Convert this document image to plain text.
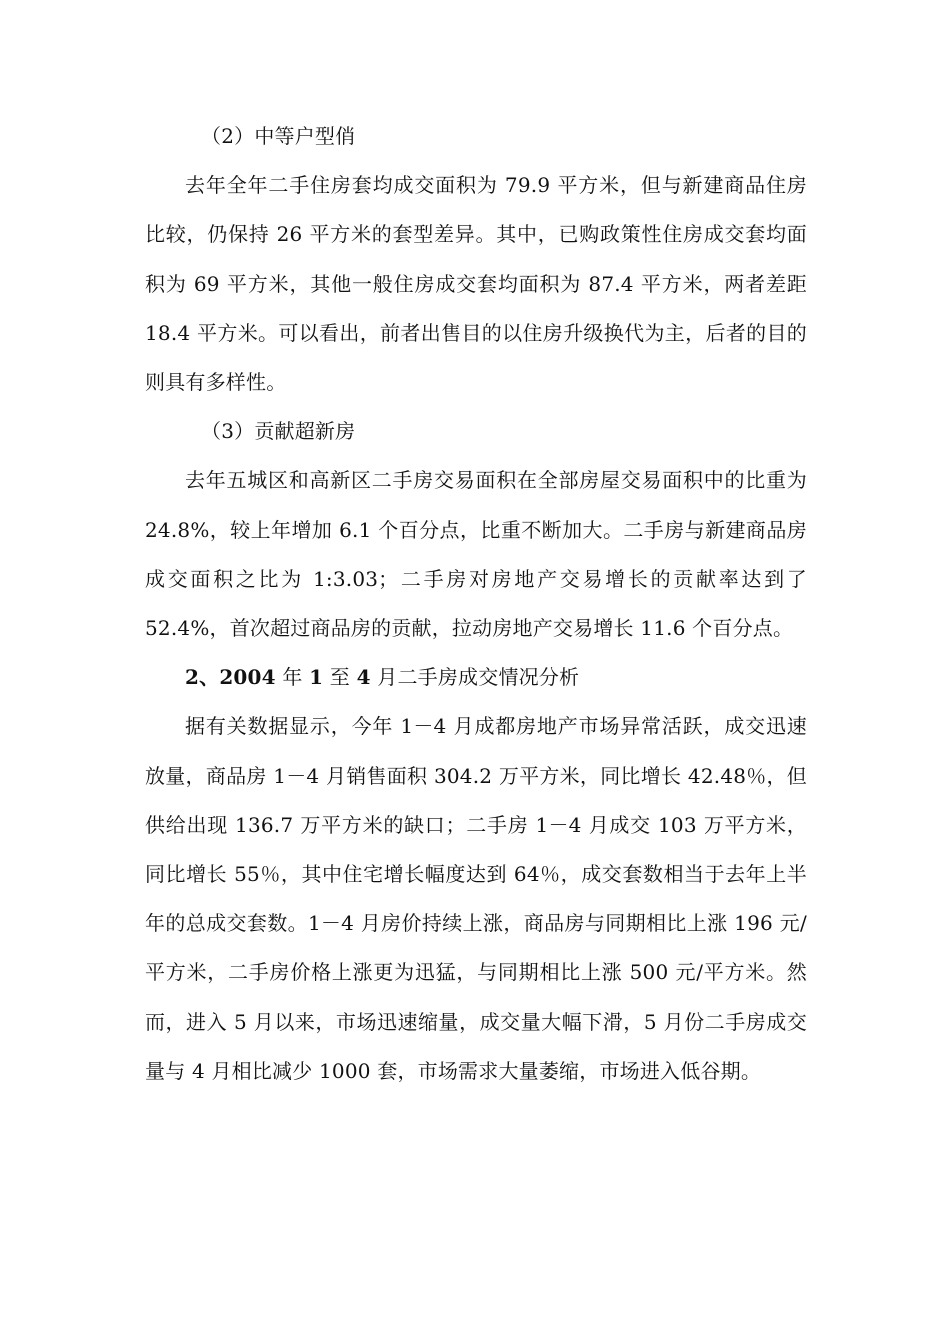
（2）中等户型俏

去年全年二手住房套均成交面积为 79.9 平方米，但与新建商品住房比较，仍保持 26 平方米的套型差异。其中，已购政策性住房成交套均面积为 69 平方米，其他一般住房成交套均面积为 87.4 平方米，两者差距 18.4 平方米。可以看出，前者出售目的以住房升级换代为主，后者的目的则具有多样性。

（3）贡献超新房

去年五城区和高新区二手房交易面积在全部房屋交易面积中的比重为 24.8%，较上年增加 6.1 个百分点，比重不断加大。二手房与新建商品房成交面积之比为 1:3.03；二手房对房地产交易增长的贡献率达到了 52.4%，首次超过商品房的贡献，拉动房地产交易增长 11.6 个百分点。

2、2004 年 1 至 4 月二手房成交情况分析

据有关数据显示，今年 1－4 月成都房地产市场异常活跃，成交迅速放量，商品房 1－4 月销售面积 304.2 万平方米，同比增长 42.48％，但供给出现 136.7 万平方米的缺口；二手房 1－4 月成交 103 万平方米，同比增长 55％，其中住宅增长幅度达到 64％，成交套数相当于去年上半年的总成交套数。1－4 月房价持续上涨，商品房与同期相比上涨 196 元/平方米，二手房价格上涨更为迅猛，与同期相比上涨 500 元/平方米。然而，进入 5 月以来，市场迅速缩量，成交量大幅下滑，5 月份二手房成交量与 4 月相比减少 1000 套，市场需求大量萎缩，市场进入低谷期。
